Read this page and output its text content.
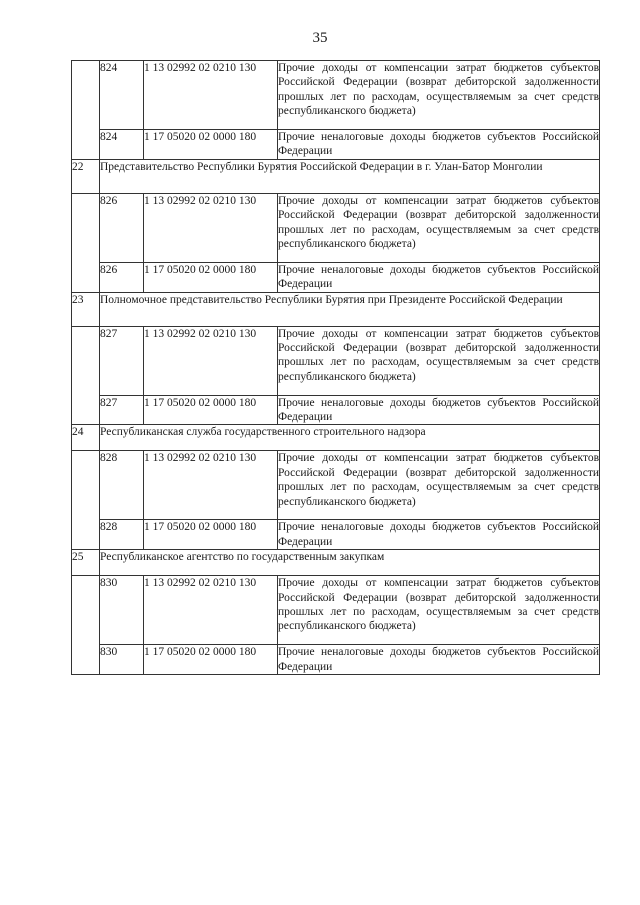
35
	824	1 13 02992 02 0210 130	Прочие доходы от компенсации затрат бюджетов субъектов Российской Федерации (возврат дебиторской задолженности прошлых лет по расходам, осуществляемым за счет средств республиканского бюджета)
	824	1 17 05020 02 0000 180	Прочие неналоговые доходы бюджетов субъектов Российской Федерации
22	Представительство Республики Бурятия Российской Федерации в г. Улан-Батор Монголии		
	826	1 13 02992 02 0210 130	Прочие доходы от компенсации затрат бюджетов субъектов Российской Федерации (возврат дебиторской задолженности прошлых лет по расходам, осуществляемым за счет средств республиканского бюджета)
	826	1 17 05020 02 0000 180	Прочие неналоговые доходы бюджетов субъектов Российской Федерации
23	Полномочное представительство Республики Бурятия при Президенте Российской Федерации		
	827	1 13 02992 02 0210 130	Прочие доходы от компенсации затрат бюджетов субъектов Российской Федерации (возврат дебиторской задолженности прошлых лет по расходам, осуществляемым за счет средств республиканского бюджета)
	827	1 17 05020 02 0000 180	Прочие неналоговые доходы бюджетов субъектов Российской Федерации
24	Республиканская служба государственного строительного надзора		
	828	1 13 02992 02 0210 130	Прочие доходы от компенсации затрат бюджетов субъектов Российской Федерации (возврат дебиторской задолженности прошлых лет по расходам, осуществляемым за счет средств республиканского бюджета)
	828	1 17 05020 02 0000 180	Прочие неналоговые доходы бюджетов субъектов Российской Федерации
25	Республиканское агентство по государственным закупкам		
	830	1 13 02992 02 0210 130	Прочие доходы от компенсации затрат бюджетов субъектов Российской Федерации (возврат дебиторской задолженности прошлых лет по расходам, осуществляемым за счет средств республиканского бюджета)
	830	1 17 05020 02 0000 180	Прочие неналоговые доходы бюджетов субъектов Российской Федерации
